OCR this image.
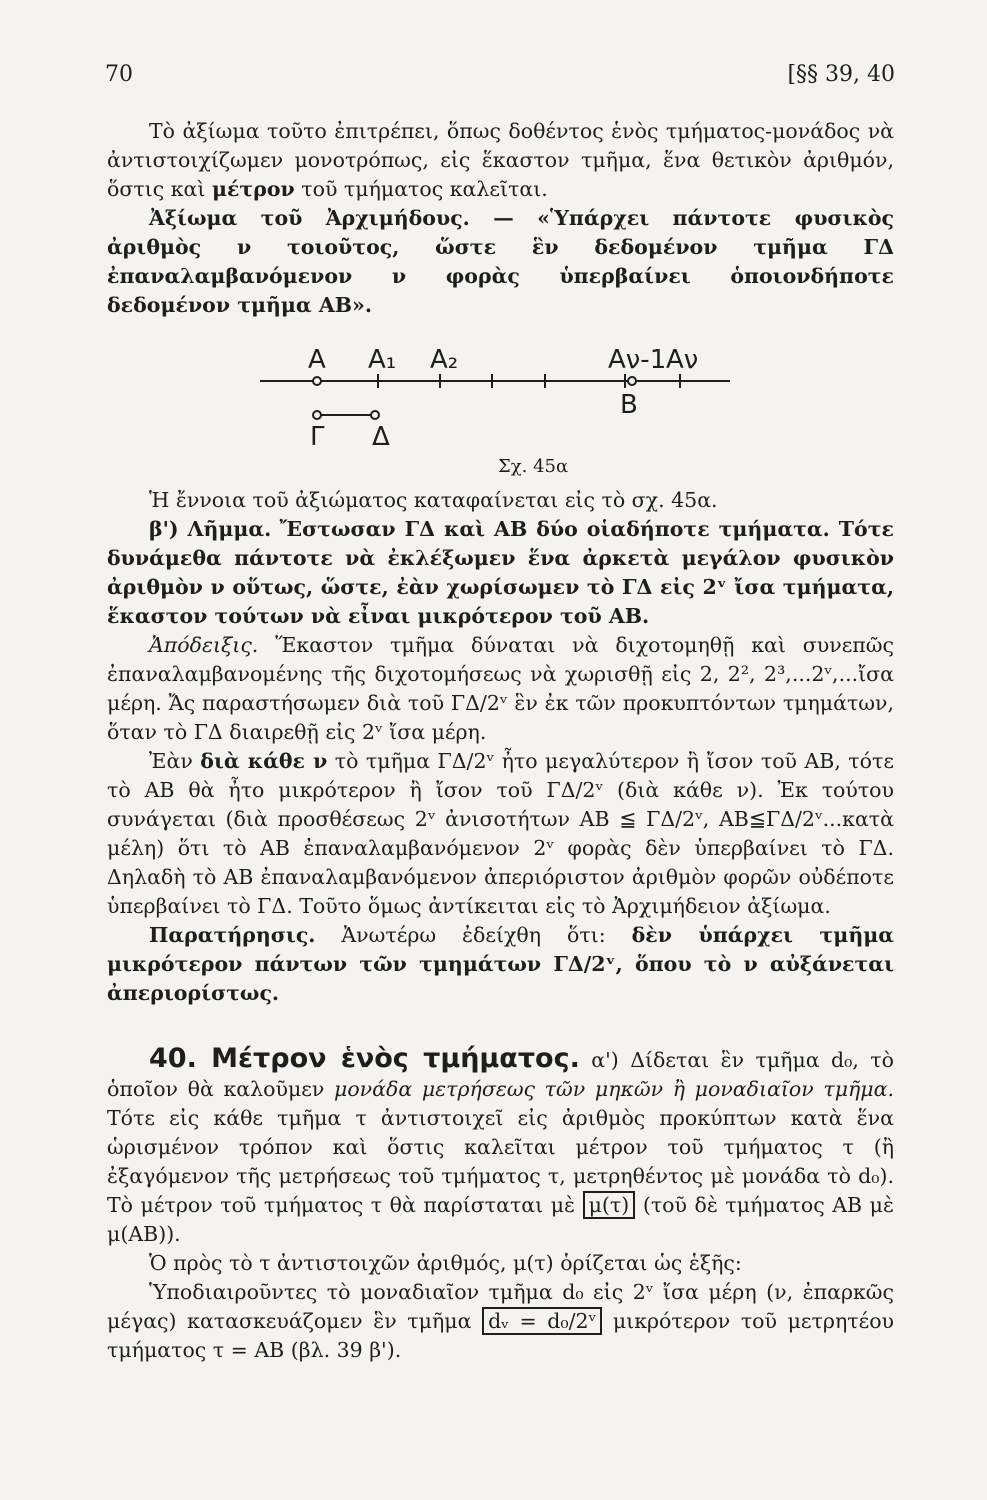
70	[§§ 39, 40

Τὸ ἀξίωμα τοῦτο ἐπιτρέπει, ὅπως δοθέντος ἑνὸς τμήματος-μονάδος νὰ ἀντιστοιχίζωμεν μονοτρόπως, εἰς ἕκαστον τμῆμα, ἕνα θετικὸν ἀριθμόν, ὅστις καὶ μέτρον τοῦ τμήματος καλεῖται.

Ἀξίωμα τοῦ Ἀρχιμήδους. — «Ὑπάρχει πάντοτε φυσικὸς ἀριθμὸς ν τοιοῦτος, ὥστε ἓν δεδομένον τμῆμα ΓΔ ἐπαναλαμβανόμενον ν φορὰς ὑπερβαίνει ὁποιονδήποτε δεδομένον τμῆμα ΑΒ».

Α Α₁ Α₂	Αν-1 Αν
Β
Γ Δ
Σχ. 45α

Ἡ ἔννοια τοῦ ἀξιώματος καταφαίνεται εἰς τὸ σχ. 45α.

β') Λῆμμα. Ἔστωσαν ΓΔ καὶ ΑΒ δύο οἱαδήποτε τμήματα. Τότε δυνάμεθα πάντοτε νὰ ἐκλέξωμεν ἕνα ἀρκετὰ μεγάλον φυσικὸν ἀριθμὸν ν οὕτως, ὥστε, ἐὰν χωρίσωμεν τὸ ΓΔ εἰς 2ᵛ ἴσα τμήματα, ἕκαστον τούτων νὰ εἶναι μικρότερον τοῦ ΑΒ.

Ἀπόδειξις. Ἕκαστον τμῆμα δύναται νὰ διχοτομηθῇ καὶ συνεπῶς ἐπαναλαμβανομένης τῆς διχοτομήσεως νὰ χωρισθῇ εἰς 2, 2², 2³,...2ᵛ,...ἴσα μέρη. Ἄς παραστήσωμεν διὰ τοῦ ΓΔ/2ᵛ ἓν ἐκ τῶν προκυπτόντων τμημάτων, ὅταν τὸ ΓΔ διαιρεθῇ εἰς 2ᵛ ἴσα μέρη.

Ἐὰν διὰ κάθε ν τὸ τμῆμα ΓΔ/2ᵛ ἦτο μεγαλύτερον ἢ ἴσον τοῦ ΑΒ, τότε τὸ ΑΒ θὰ ἦτο μικρότερον ἢ ἴσον τοῦ ΓΔ/2ᵛ (διὰ κάθε ν). Ἐκ τούτου συνάγεται (διὰ προσθέσεως 2ᵛ ἀνισοτήτων ΑΒ ≦ ΓΔ/2ᵛ, ΑΒ≦ΓΔ/2ᵛ...κατὰ μέλη) ὅτι τὸ ΑΒ ἐπαναλαμβανόμενον 2ᵛ φορὰς δὲν ὑπερβαίνει τὸ ΓΔ. Δηλαδὴ τὸ ΑΒ ἐπαναλαμβανόμενον ἀπεριόριστον ἀριθμὸν φορῶν οὐδέποτε ὑπερβαίνει τὸ ΓΔ. Τοῦτο ὅμως ἀντίκειται εἰς τὸ Ἀρχιμήδειον ἀξίωμα.

Παρατήρησις. Ἀνωτέρω ἐδείχθη ὅτι: δὲν ὑπάρχει τμῆμα μικρότερον πάντων τῶν τμημάτων ΓΔ/2ᵛ, ὅπου τὸ ν αὐξάνεται ἀπεριορίστως.

40. Μέτρον ἑνὸς τμήματος. α') Δίδεται ἓν τμῆμα d₀, τὸ ὁποῖον θὰ καλοῦμεν μονάδα μετρήσεως τῶν μηκῶν ἢ μοναδιαῖον τμῆμα. Τότε εἰς κάθε τμῆμα τ ἀντιστοιχεῖ εἰς ἀριθμὸς προκύπτων κατὰ ἕνα ὡρισμένον τρόπον καὶ ὅστις καλεῖται μέτρον τοῦ τμήματος τ (ἢ ἐξαγόμενον τῆς μετρήσεως τοῦ τμήματος τ, μετρηθέντος μὲ μονάδα τὸ d₀). Τὸ μέτρον τοῦ τμήματος τ θὰ παρίσταται μὲ μ(τ) (τοῦ δὲ τμήματος ΑΒ μὲ μ(ΑΒ)).

Ὁ πρὸς τὸ τ ἀντιστοιχῶν ἀριθμός, μ(τ) ὁρίζεται ὡς ἑξῆς:

Ὑποδιαιροῦντες τὸ μοναδιαῖον τμῆμα d₀ εἰς 2ᵛ ἴσα μέρη (ν, ἐπαρκῶς μέγας) κατασκευάζομεν ἓν τμῆμα dᵥ = d₀/2ᵛ μικρότερον τοῦ μετρητέου τμήματος τ = ΑΒ (βλ. 39 β').
